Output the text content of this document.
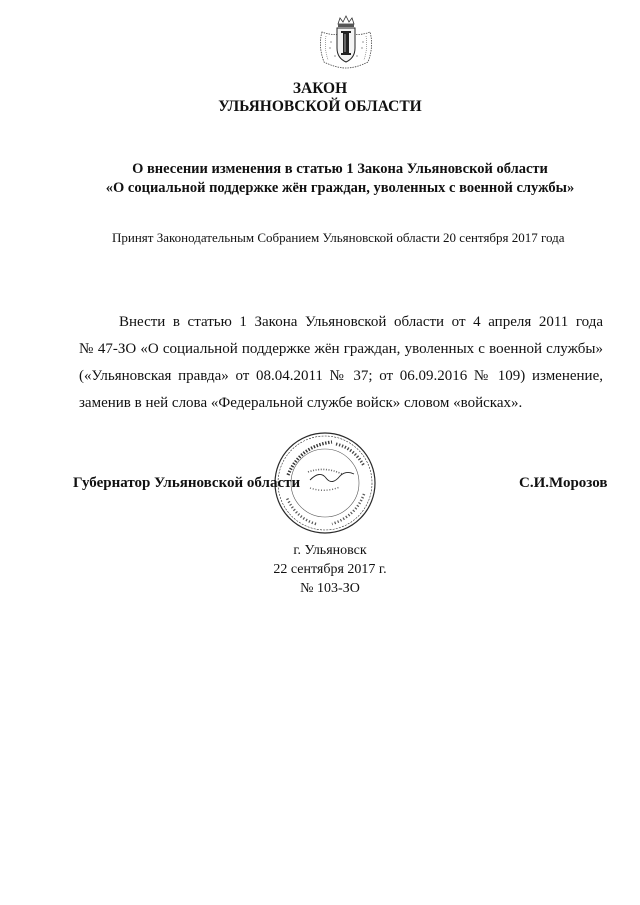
ЗАКОН
УЛЬЯНОВСКОЙ ОБЛАСТИ
О внесении изменения в статью 1 Закона Ульяновской области
«О социальной поддержке жён граждан, уволенных с военной службы»
Принят Законодательным Собранием Ульяновской области 20 сентября 2017 года
Внести в статью 1 Закона Ульяновской области от 4 апреля 2011 года
№ 47-ЗО «О социальной поддержке жён граждан, уволенных с военной службы»
(«Ульяновская правда» от 08.04.2011 № 37; от 06.09.2016 № 109) изменение,
заменив в ней слова «Федеральной службе войск» словом «войсках».
Губернатор Ульяновской области	С.И.Морозов
г. Ульяновск
22 сентября 2017 г.
№ 103-ЗО
